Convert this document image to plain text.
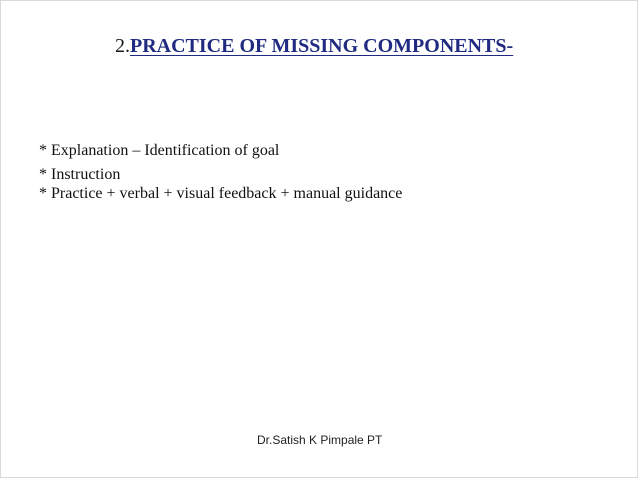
2.PRACTICE OF MISSING COMPONENTS-
* Explanation – Identification of goal
* Instruction
* Practice + verbal + visual feedback + manual guidance
Dr.Satish K Pimpale PT
